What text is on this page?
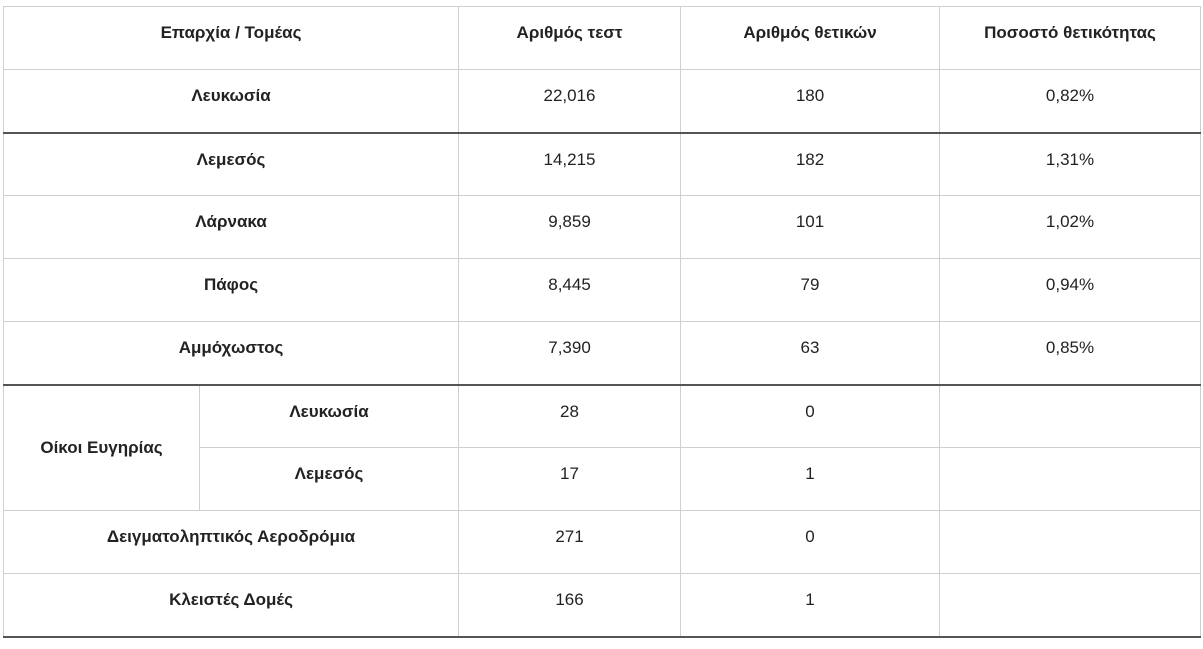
Επαρχία / Τομέας		Αριθμός τεστ	Αριθμός θετικών	Ποσοστό θετικότητας
Λευκωσία		22,016	180	0,82%
Λεμεσός		14,215	182	1,31%
Λάρνακα		9,859	101	1,02%
Πάφος		8,445	79	0,94%
Αμμόχωστος		7,390	63	0,85%
Οίκοι Ευγηρίας	Λευκωσία	28	0	
	Λεμεσός	17	1	
Δειγματοληπτικός Αεροδρόμια		271	0	
Κλειστές Δομές		166	1	
